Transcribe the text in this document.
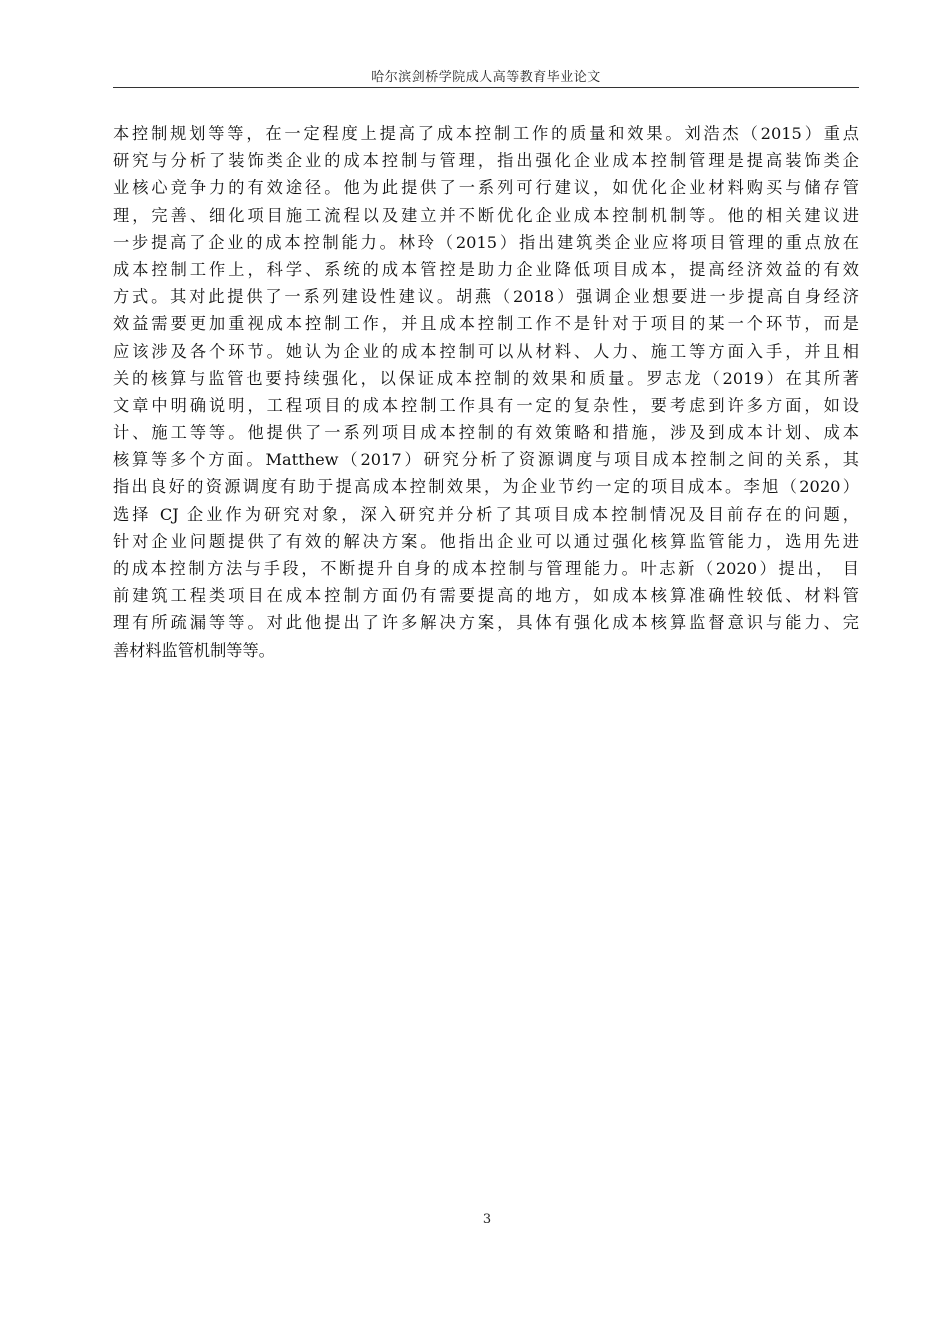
哈尔滨剑桥学院成人高等教育毕业论文
本控制规划等等，在一定程度上提高了成本控制工作的质量和效果。刘浩杰（2015）重点
研究与分析了装饰类企业的成本控制与管理，指出强化企业成本控制管理是提高装饰类企
业核心竞争力的有效途径。他为此提供了一系列可行建议，如优化企业材料购买与储存管
理，完善、细化项目施工流程以及建立并不断优化企业成本控制机制等。他的相关建议进
一步提高了企业的成本控制能力。林玲（2015）指出建筑类企业应将项目管理的重点放在
成本控制工作上，科学、系统的成本管控是助力企业降低项目成本，提高经济效益的有效
方式。其对此提供了一系列建设性建议。胡燕（2018）强调企业想要进一步提高自身经济
效益需要更加重视成本控制工作，并且成本控制工作不是针对于项目的某一个环节，而是
应该涉及各个环节。她认为企业的成本控制可以从材料、人力、施工等方面入手，并且相
关的核算与监管也要持续强化，以保证成本控制的效果和质量。罗志龙（2019）在其所著
文章中明确说明，工程项目的成本控制工作具有一定的复杂性，要考虑到许多方面，如设
计、施工等等。他提供了一系列项目成本控制的有效策略和措施，涉及到成本计划、成本
核算等多个方面。Matthew（2017）研究分析了资源调度与项目成本控制之间的关系，其
指出良好的资源调度有助于提高成本控制效果，为企业节约一定的项目成本。李旭（2020）
选择 CJ 企业作为研究对象，深入研究并分析了其项目成本控制情况及目前存在的问题，
针对企业问题提供了有效的解决方案。他指出企业可以通过强化核算监管能力，选用先进
的成本控制方法与手段，不断提升自身的成本控制与管理能力。叶志新（2020）提出， 目
前建筑工程类项目在成本控制方面仍有需要提高的地方，如成本核算准确性较低、材料管
理有所疏漏等等。对此他提出了许多解决方案，具体有强化成本核算监督意识与能力、完
善材料监管机制等等。
3
